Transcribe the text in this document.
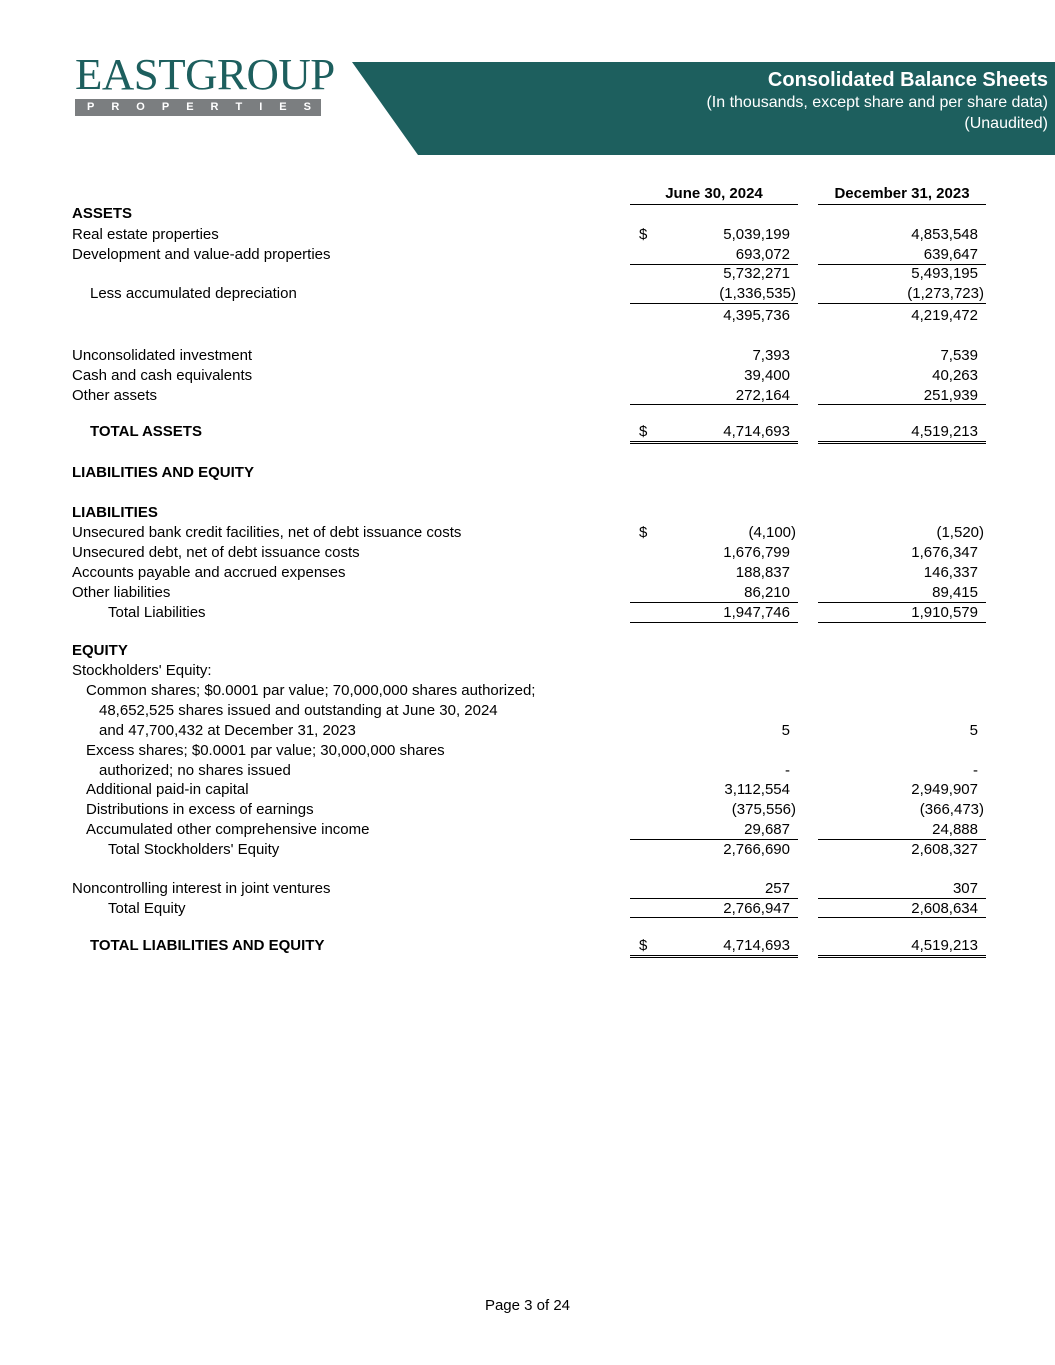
EASTGROUP
P R O P E R T I E S
Consolidated Balance Sheets
(In thousands, except share and per share data)
(Unaudited)
June 30, 2024	December 31, 2023
ASSETS
Real estate properties	$	5,039,199	4,853,548
Development and value-add properties	693,072	639,647
5,732,271	5,493,195
Less accumulated depreciation	(1,336,535)	(1,273,723)
4,395,736	4,219,472
Unconsolidated investment	7,393	7,539
Cash and cash equivalents	39,400	40,263
Other assets	272,164	251,939
TOTAL ASSETS	$	4,714,693	4,519,213
LIABILITIES AND EQUITY
LIABILITIES
Unsecured bank credit facilities, net of debt issuance costs	$	(4,100)	(1,520)
Unsecured debt, net of debt issuance costs	1,676,799	1,676,347
Accounts payable and accrued expenses	188,837	146,337
Other liabilities	86,210	89,415
Total Liabilities	1,947,746	1,910,579
EQUITY
Stockholders' Equity:
Common shares; $0.0001 par value; 70,000,000 shares authorized;
48,652,525 shares issued and outstanding at June 30, 2024
and 47,700,432 at December 31, 2023	5	5
Excess shares; $0.0001 par value; 30,000,000 shares
authorized; no shares issued	-	-
Additional paid-in capital	3,112,554	2,949,907
Distributions in excess of earnings	(375,556)	(366,473)
Accumulated other comprehensive income	29,687	24,888
Total Stockholders' Equity	2,766,690	2,608,327
Noncontrolling interest in joint ventures	257	307
Total Equity	2,766,947	2,608,634
TOTAL LIABILITIES AND EQUITY	$	4,714,693	4,519,213
Page 3 of 24
